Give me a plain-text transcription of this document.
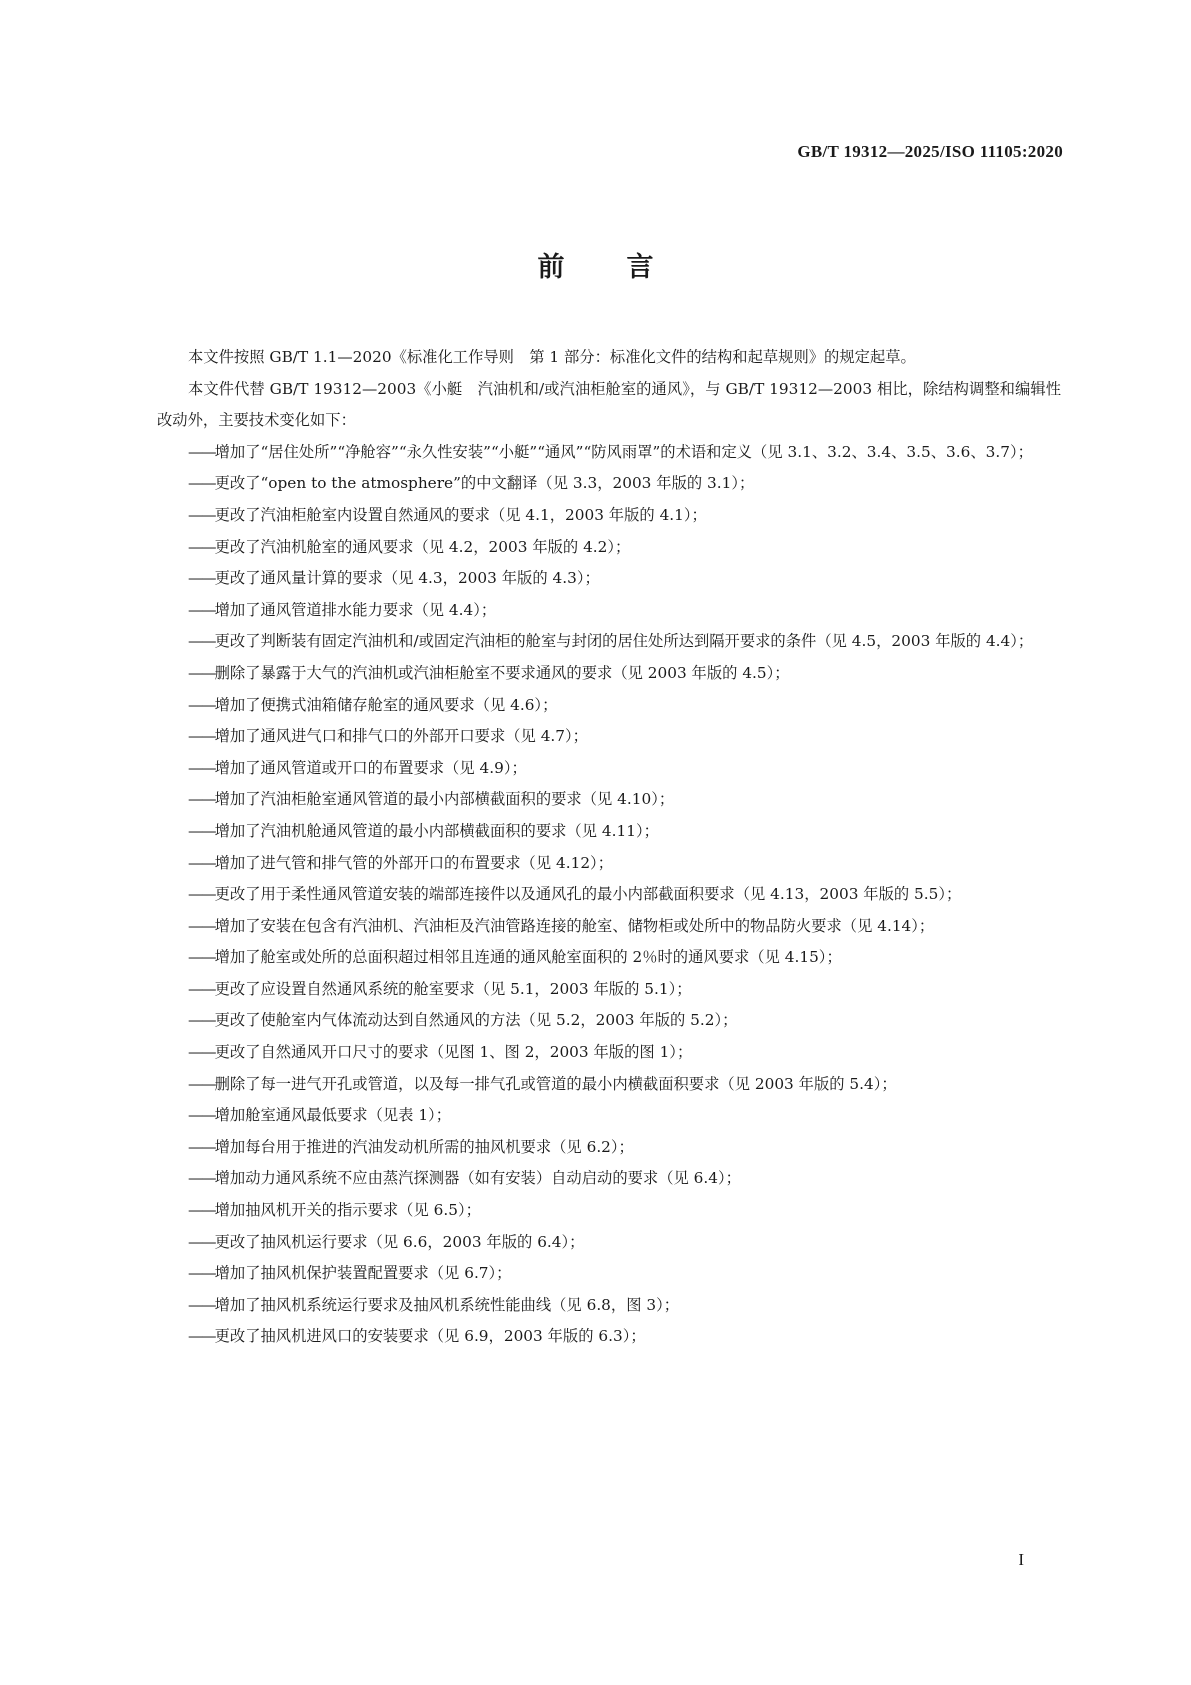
GB/T 19312—2025/ISO 11105:2020
前言

本文件按照 GB/T 1.1—2020《标准化工作导则　第 1 部分：标准化文件的结构和起草规则》的规定起草。

本文件代替 GB/T 19312—2003《小艇　汽油机和/或汽油柜舱室的通风》，与 GB/T 19312—2003 相比，除结构调整和编辑性改动外，主要技术变化如下：

——增加了“居住处所”“净舱容”“永久性安装”“小艇”“通风”“防风雨罩”的术语和定义（见 3.1、3.2、3.4、3.5、3.6、3.7）；
——更改了“open to the atmosphere”的中文翻译（见 3.3，2003 年版的 3.1）；
——更改了汽油柜舱室内设置自然通风的要求（见 4.1，2003 年版的 4.1）；
——更改了汽油机舱室的通风要求（见 4.2，2003 年版的 4.2）；
——更改了通风量计算的要求（见 4.3，2003 年版的 4.3）；
——增加了通风管道排水能力要求（见 4.4）；
——更改了判断装有固定汽油机和/或固定汽油柜的舱室与封闭的居住处所达到隔开要求的条件（见 4.5，2003 年版的 4.4）；
——删除了暴露于大气的汽油机或汽油柜舱室不要求通风的要求（见 2003 年版的 4.5）；
——增加了便携式油箱储存舱室的通风要求（见 4.6）；
——增加了通风进气口和排气口的外部开口要求（见 4.7）；
——增加了通风管道或开口的布置要求（见 4.9）；
——增加了汽油柜舱室通风管道的最小内部横截面积的要求（见 4.10）；
——增加了汽油机舱通风管道的最小内部横截面积的要求（见 4.11）；
——增加了进气管和排气管的外部开口的布置要求（见 4.12）；
——更改了用于柔性通风管道安装的端部连接件以及通风孔的最小内部截面积要求（见 4.13，2003 年版的 5.5）；
——增加了安装在包含有汽油机、汽油柜及汽油管路连接的舱室、储物柜或处所中的物品防火要求（见 4.14）；
——增加了舱室或处所的总面积超过相邻且连通的通风舱室面积的 2％时的通风要求（见 4.15）；
——更改了应设置自然通风系统的舱室要求（见 5.1，2003 年版的 5.1）；
——更改了使舱室内气体流动达到自然通风的方法（见 5.2，2003 年版的 5.2）；
——更改了自然通风开口尺寸的要求（见图 1、图 2，2003 年版的图 1）；
——删除了每一进气开孔或管道，以及每一排气孔或管道的最小内横截面积要求（见 2003 年版的 5.4）；
——增加舱室通风最低要求（见表 1）；
——增加每台用于推进的汽油发动机所需的抽风机要求（见 6.2）；
——增加动力通风系统不应由蒸汽探测器（如有安装）自动启动的要求（见 6.4）；
——增加抽风机开关的指示要求（见 6.5）；
——更改了抽风机运行要求（见 6.6，2003 年版的 6.4）；
——增加了抽风机保护装置配置要求（见 6.7）；
——增加了抽风机系统运行要求及抽风机系统性能曲线（见 6.8，图 3）；
——更改了抽风机进风口的安装要求（见 6.9，2003 年版的 6.3）；
I
